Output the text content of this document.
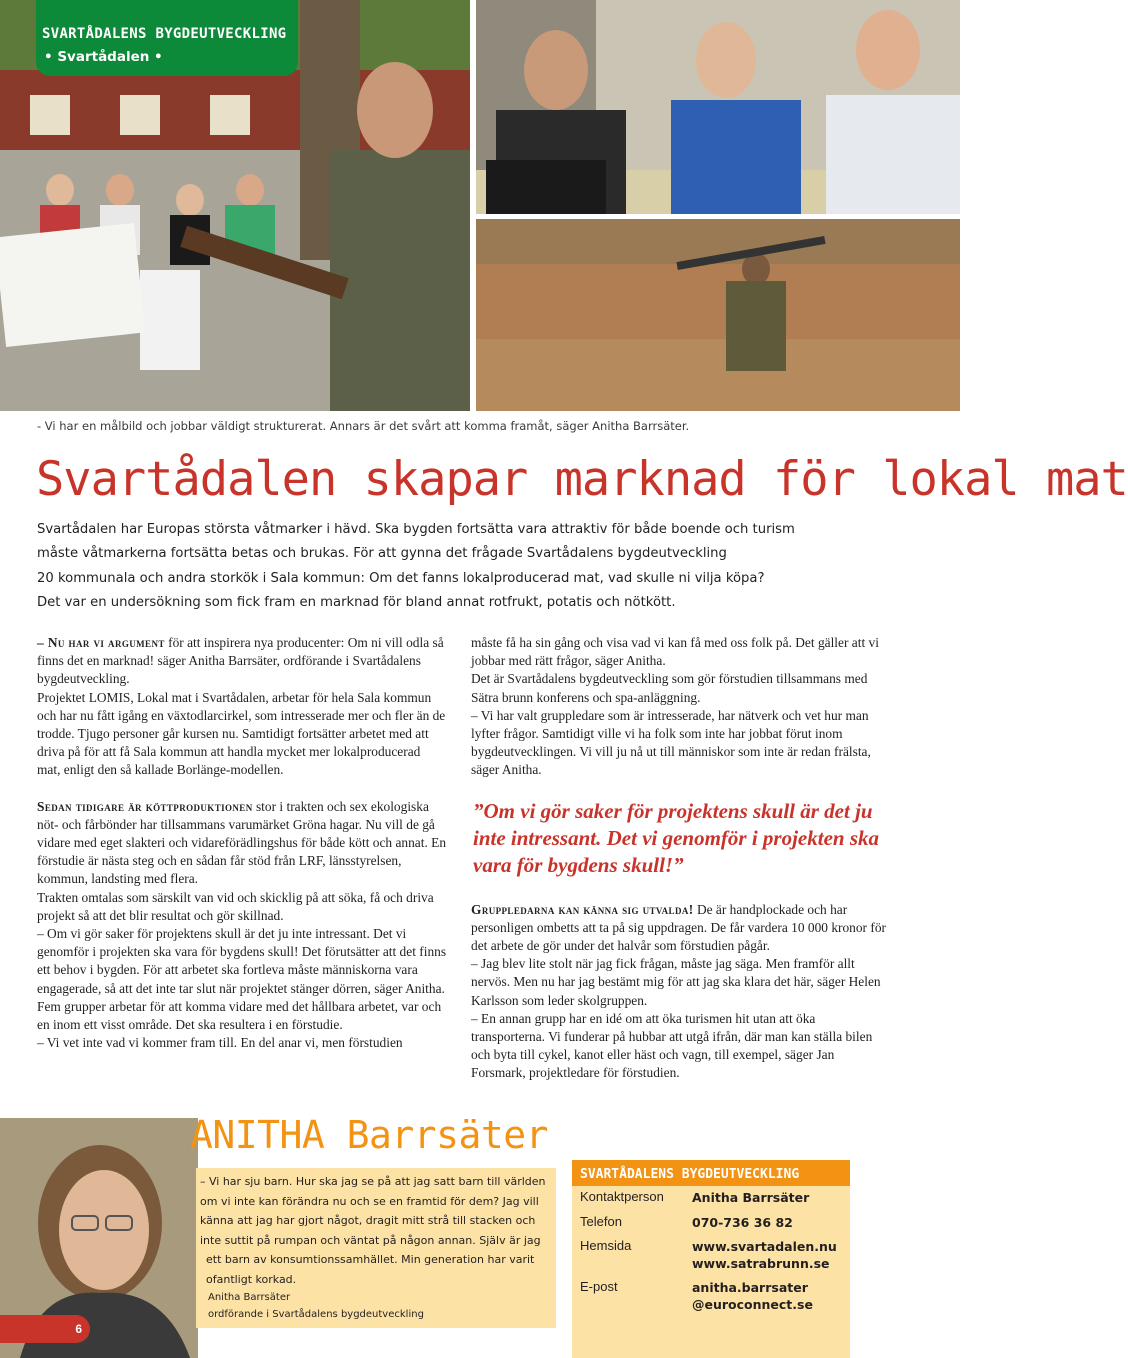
SVARTÅDALENS BYGDEUTVECKLING
• Svartådalen •
- Vi har en målbild och jobbar väldigt strukturerat. Annars är det svårt att komma framåt, säger Anitha Barrsäter.
Svartådalen skapar marknad för lokal mat
Svartådalen har Europas största våtmarker i hävd. Ska bygden fortsätta vara attraktiv för både boende och turism
måste våtmarkerna fortsätta betas och brukas. För att gynna det frågade Svartådalens bygdeutveckling
20 kommunala och andra storkök i Sala kommun: Om det fanns lokalproducerad mat, vad skulle ni vilja köpa?
Det var en undersökning som fick fram en marknad för bland annat rotfrukt, potatis och nötkött.

– Nu har vi argument för att inspirera nya producenter: Om ni vill odla så finns det en marknad! säger Anitha Barrsäter, ordförande i Svartådalens bygdeutveckling.

Projektet LOMIS, Lokal mat i Svartådalen, arbetar för hela Sala kommun och har nu fått igång en växtodlarcirkel, som intresserade mer och fler än de trodde. Tjugo personer går kursen nu. Samtidigt fortsätter arbetet med att driva på för att få Sala kommun att handla mycket mer lokalproducerad mat, enligt den så kallade Borlänge-modellen.

Sedan tidigare är köttproduktionen stor i trakten och sex ekologiska nöt- och fårbönder har tillsammans varumärket Gröna hagar. Nu vill de gå vidare med eget slakteri och vidareförädlingshus för både kött och annat. En förstudie är nästa steg och en sådan får stöd från LRF, länsstyrelsen, kommun, landsting med flera.

Trakten omtalas som särskilt van vid och skicklig på att söka, få och driva projekt så att det blir resultat och gör skillnad.

– Om vi gör saker för projektens skull är det ju inte intressant. Det vi genomför i projekten ska vara för bygdens skull! Det förutsätter att det finns ett behov i bygden. För att arbetet ska fortleva måste människorna vara engagerade, så att det inte tar slut när projektet stänger dörren, säger Anitha.

Fem grupper arbetar för att komma vidare med det hållbara arbetet, var och en inom ett visst område. Det ska resultera i en förstudie.

– Vi vet inte vad vi kommer fram till. En del anar vi, men förstudien

måste få ha sin gång och visa vad vi kan få med oss folk på. Det gäller att vi jobbar med rätt frågor, säger Anitha.

Det är Svartådalens bygdeutveckling som gör förstudien tillsammans med Sätra brunn konferens och spa-anläggning.

– Vi har valt gruppledare som är intresserade, har nätverk och vet hur man lyfter frågor. Samtidigt ville vi ha folk som inte har jobbat förut inom bygdeutvecklingen. Vi vill ju nå ut till människor som inte är redan frälsta, säger Anitha.

”Om vi gör saker för projektens skull är det ju inte intressant. Det vi genomför i projekten ska vara för bygdens skull!”

Gruppledarna kan känna sig utvalda! De är handplockade och har personligen ombetts att ta på sig uppdragen. De får vardera 10 000 kronor för det arbete de gör under det halvår som förstudien pågår.

– Jag blev lite stolt när jag fick frågan, måste jag säga. Men framför allt nervös. Men nu har jag bestämt mig för att jag ska klara det här, säger Helen Karlsson som leder skolgruppen.

– En annan grupp har en idé om att öka turismen hit utan att öka transporterna. Vi funderar på hubbar att utgå ifrån, där man kan ställa bilen och byta till cykel, kanot eller häst och vagn, till exempel, säger Jan Forsmark, projektledare för förstudien.

6
ANITHA Barrsäter
– Vi har sju barn. Hur ska jag se på att jag satt barn till världen
om vi inte kan förändra nu och se en framtid för dem? Jag vill
känna att jag har gjort något, dragit mitt strå till stacken och
inte suttit på rumpan och väntat på någon annan. Själv är jag
ett barn av konsumtionssamhället. Min generation har varit
ofantligt korkad.
Anitha Barrsäter
ordförande i Svartådalens bygdeutveckling
SVARTÅDALENS BYGDEUTVECKLING
Kontaktperson	Anitha Barrsäter
Telefon	070-736 36 82
Hemsida	www.svartadalen.nu
www.satrabrunn.se

E-post	anitha.barrsater
@euroconnect.se
